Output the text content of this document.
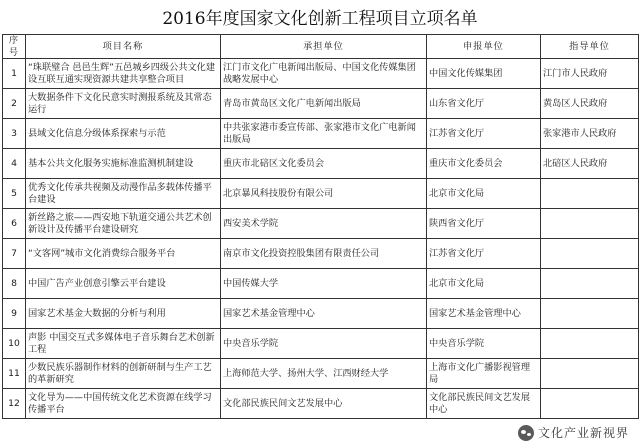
2016年度国家文化创新工程项目立项名单
序号	项目名称	承担单位	申报单位	指导单位
1	“珠联璧合 邑邑生辉”五邑城乡四级公共文化建设互联互通实现资源共建共享整合项目	江门市文化广电新闻出版局、中国文化传媒集团战略发展中心	中国文化传媒集团	江门市人民政府
2	大数据条件下文化民意实时测报系统及其常态运行	青岛市黄岛区文化广电新闻出版局	山东省文化厅	黄岛区人民政府
3	县域文化信息分级体系探索与示范	中共张家港市委宣传部、张家港市文化广电新闻出版局	江苏省文化厅	张家港市人民政府
4	基本公共文化服务实施标准监测机制建设	重庆市北碚区文化委员会	重庆市文化委员会	北碚区人民政府
5	优秀文化传承共视频及动漫作品多载体传播平台建设	北京暴风科技股份有限公司	北京市文化局	
6	新丝路之旅——西安地下轨道交通公共艺术创新设计及传播平台建设研究	西安美术学院	陕西省文化厅	
7	“文客网”城市文化消费综合服务平台	南京市文化投资控股集团有限责任公司	江苏省文化厅	
8	中国广告产业创意引擎云平台建设	中国传媒大学	北京市文化局	
9	国家艺术基金大数据的分析与利用	国家艺术基金管理中心	国家艺术基金管理中心	
10	声影 中国交互式多媒体电子音乐舞台艺术创新工程	中央音乐学院	中央音乐学院	
11	少数民族乐器制作材料的创新研制与生产工艺的革新研究	上海师范大学、扬州大学、江西财经大学	上海市文化广播影视管理局	
12	文化导为——中国传统文化艺术资源在线学习传播平台	文化部民族民间文艺发展中心	文化部民族民间文艺发展中心	
文化产业新视界
